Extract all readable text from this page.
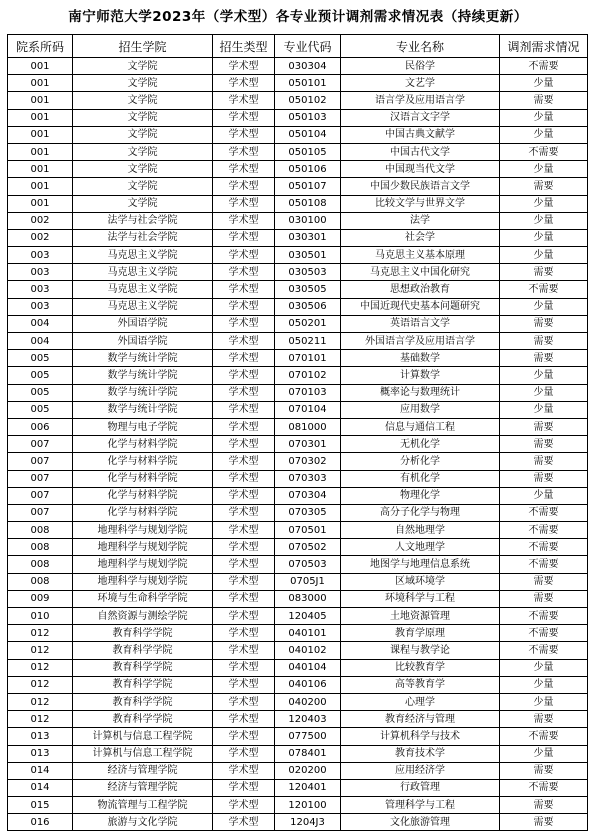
南宁师范大学2023年（学术型）各专业预计调剂需求情况表（持续更新）
院系所码	招生学院	招生类型	专业代码	专业名称	调剂需求情况
001	文学院	学术型	030304	民俗学	不需要
001	文学院	学术型	050101	文艺学	少量
001	文学院	学术型	050102	语言学及应用语言学	需要
001	文学院	学术型	050103	汉语言文字学	少量
001	文学院	学术型	050104	中国古典文献学	少量
001	文学院	学术型	050105	中国古代文学	不需要
001	文学院	学术型	050106	中国现当代文学	少量
001	文学院	学术型	050107	中国少数民族语言文学	需要
001	文学院	学术型	050108	比较文学与世界文学	少量
002	法学与社会学院	学术型	030100	法学	少量
002	法学与社会学院	学术型	030301	社会学	少量
003	马克思主义学院	学术型	030501	马克思主义基本原理	少量
003	马克思主义学院	学术型	030503	马克思主义中国化研究	需要
003	马克思主义学院	学术型	030505	思想政治教育	不需要
003	马克思主义学院	学术型	030506	中国近现代史基本问题研究	少量
004	外国语学院	学术型	050201	英语语言文学	需要
004	外国语学院	学术型	050211	外国语言学及应用语言学	需要
005	数学与统计学院	学术型	070101	基础数学	需要
005	数学与统计学院	学术型	070102	计算数学	少量
005	数学与统计学院	学术型	070103	概率论与数理统计	少量
005	数学与统计学院	学术型	070104	应用数学	少量
006	物理与电子学院	学术型	081000	信息与通信工程	需要
007	化学与材料学院	学术型	070301	无机化学	需要
007	化学与材料学院	学术型	070302	分析化学	需要
007	化学与材料学院	学术型	070303	有机化学	需要
007	化学与材料学院	学术型	070304	物理化学	少量
007	化学与材料学院	学术型	070305	高分子化学与物理	不需要
008	地理科学与规划学院	学术型	070501	自然地理学	不需要
008	地理科学与规划学院	学术型	070502	人文地理学	不需要
008	地理科学与规划学院	学术型	070503	地图学与地理信息系统	不需要
008	地理科学与规划学院	学术型	0705J1	区域环境学	需要
009	环境与生命科学学院	学术型	083000	环境科学与工程	需要
010	自然资源与测绘学院	学术型	120405	土地资源管理	不需要
012	教育科学学院	学术型	040101	教育学原理	不需要
012	教育科学学院	学术型	040102	课程与教学论	不需要
012	教育科学学院	学术型	040104	比较教育学	少量
012	教育科学学院	学术型	040106	高等教育学	少量
012	教育科学学院	学术型	040200	心理学	少量
012	教育科学学院	学术型	120403	教育经济与管理	需要
013	计算机与信息工程学院	学术型	077500	计算机科学与技术	不需要
013	计算机与信息工程学院	学术型	078401	教育技术学	少量
014	经济与管理学院	学术型	020200	应用经济学	需要
014	经济与管理学院	学术型	120401	行政管理	不需要
015	物流管理与工程学院	学术型	120100	管理科学与工程	需要
016	旅游与文化学院	学术型	1204J3	文化旅游管理	需要
